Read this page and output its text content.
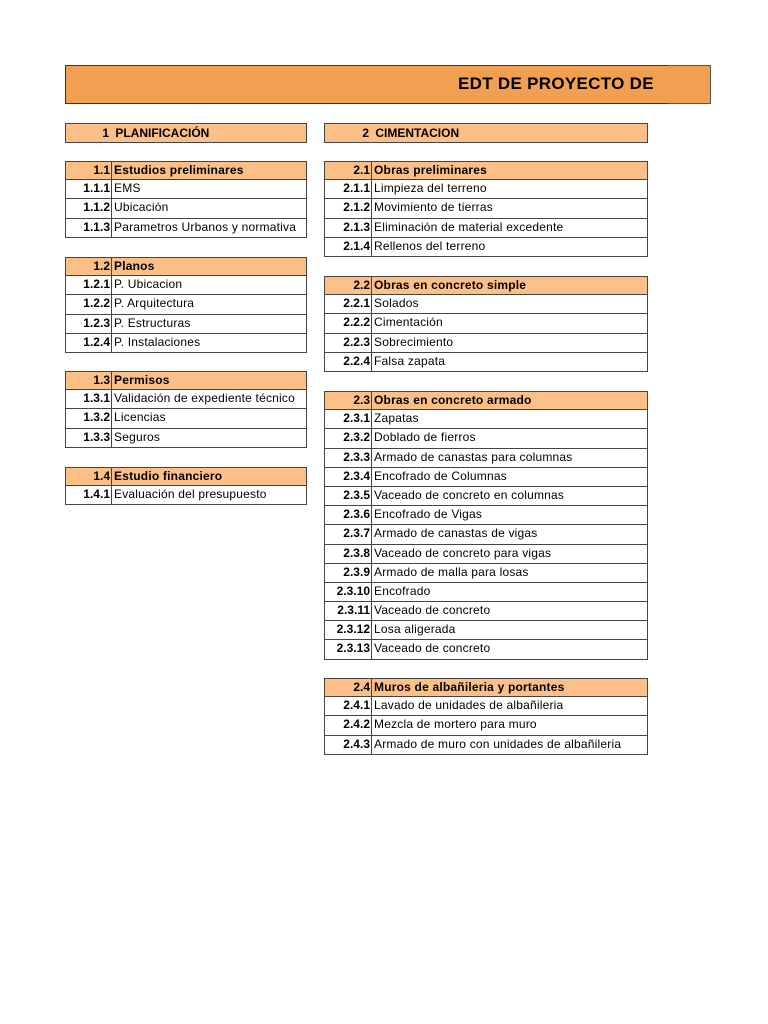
EDT DE PROYECTO DE
1 PLANIFICACIÓN
1.1 Estudios preliminares
1.1.1 EMS
1.1.2 Ubicación
1.1.3 Parametros Urbanos y normativa
1.2 Planos
1.2.1 P. Ubicacion
1.2.2 P. Arquitectura
1.2.3 P. Estructuras
1.2.4 P. Instalaciones
1.3 Permisos
1.3.1 Validación de expediente técnico
1.3.2 Licencias
1.3.3 Seguros
1.4 Estudio financiero
1.4.1 Evaluación del presupuesto
2 CIMENTACION
2.1 Obras preliminares
2.1.1 Limpieza del terreno
2.1.2 Movimiento de tierras
2.1.3 Eliminación de material excedente
2.1.4 Rellenos del terreno
2.2 Obras en concreto simple
2.2.1 Solados
2.2.2 Cimentación
2.2.3 Sobrecimiento
2.2.4 Falsa zapata
2.3 Obras en concreto armado
2.3.1 Zapatas
2.3.2 Doblado de fierros
2.3.3 Armado de canastas para columnas
2.3.4 Encofrado de Columnas
2.3.5 Vaceado de concreto en columnas
2.3.6 Encofrado de Vigas
2.3.7 Armado de canastas de vigas
2.3.8 Vaceado de concreto para vigas
2.3.9 Armado de malla para losas
2.3.10 Encofrado
2.3.11 Vaceado de concreto
2.3.12 Losa aligerada
2.3.13 Vaceado de concreto
2.4 Muros de albañileria y portantes
2.4.1 Lavado de unidades de albañileria
2.4.2 Mezcla de mortero para muro
2.4.3 Armado de muro con unidades de albañileria
